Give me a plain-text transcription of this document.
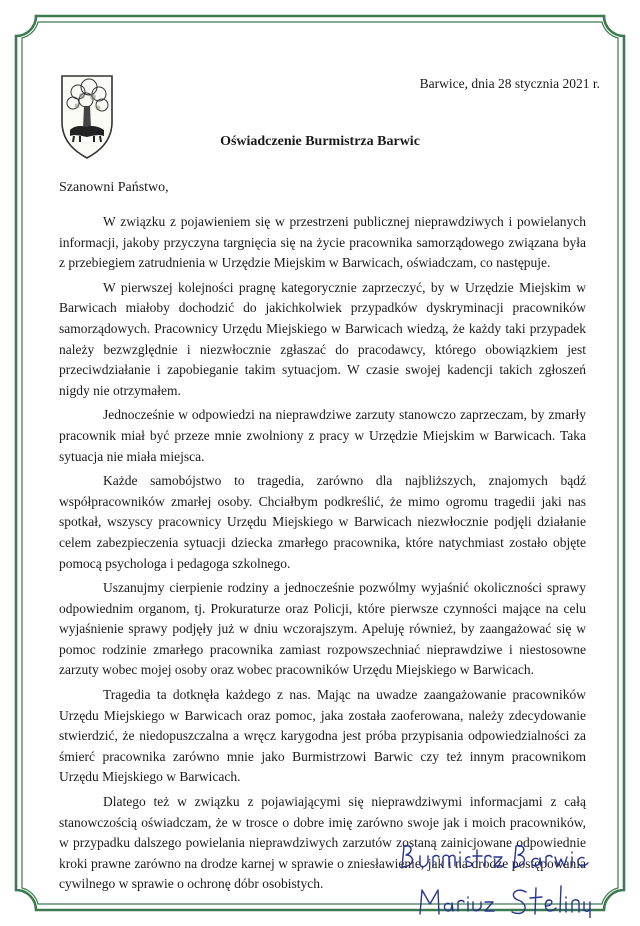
Barwice, dnia 28 stycznia 2021 r.
Oświadczenie Burmistrza Barwic
Szanowni Państwo,

W związku z pojawieniem się w przestrzeni publicznej nieprawdziwych i powielanych informacji, jakoby przyczyna targnięcia się na życie pracownika samorządowego związana była z przebiegiem zatrudnienia w Urzędzie Miejskim w Barwicach, oświadczam, co następuje.

W pierwszej kolejności pragnę kategorycznie zaprzeczyć, by w Urzędzie Miejskim w Barwicach miałoby dochodzić do jakichkolwiek przypadków dyskryminacji pracowników samorządowych. Pracownicy Urzędu Miejskiego w Barwicach wiedzą, że każdy taki przypadek należy bezwzględnie i niezwłocznie zgłaszać do pracodawcy, którego obowiązkiem jest przeciwdziałanie i zapobieganie takim sytuacjom. W czasie swojej kadencji takich zgłoszeń nigdy nie otrzymałem.

Jednocześnie w odpowiedzi na nieprawdziwe zarzuty stanowczo zaprzeczam, by zmarły pracownik miał być przeze mnie zwolniony z pracy w Urzędzie Miejskim w Barwicach. Taka sytuacja nie miała miejsca.

Każde samobójstwo to tragedia, zarówno dla najbliższych, znajomych bądź współpracowników zmarłej osoby. Chciałbym podkreślić, że mimo ogromu tragedii jaki nas spotkał, wszyscy pracownicy Urzędu Miejskiego w Barwicach niezwłocznie podjęli działanie celem zabezpieczenia sytuacji dziecka zmarłego pracownika, które natychmiast zostało objęte pomocą psychologa i pedagoga szkolnego.

Uszanujmy cierpienie rodziny a jednocześnie pozwólmy wyjaśnić okoliczności sprawy odpowiednim organom, tj. Prokuraturze oraz Policji, które pierwsze czynności mające na celu wyjaśnienie sprawy podjęły już w dniu wczorajszym. Apeluję również, by zaangażować się w pomoc rodzinie zmarłego pracownika zamiast rozpowszechniać nieprawdziwe i niestosowne zarzuty wobec mojej osoby oraz wobec pracowników Urzędu Miejskiego w Barwicach.

Tragedia ta dotknęła każdego z nas. Mając na uwadze zaangażowanie pracowników Urzędu Miejskiego w Barwicach oraz pomoc, jaka została zaoferowana, należy zdecydowanie stwierdzić, że niedopuszczalna a wręcz karygodna jest próba przypisania odpowiedzialności za śmierć pracownika zarówno mnie jako Burmistrzowi Barwic czy też innym pracownikom Urzędu Miejskiego w Barwicach.

Dlatego też w związku z pojawiającymi się nieprawdziwymi informacjami z całą stanowczością oświadczam, że w trosce o dobre imię zarówno swoje jak i moich pracowników, w przypadku dalszego powielania nieprawdziwych zarzutów zostaną zainicjowane odpowiednie kroki prawne zarówno na drodze karnej w sprawie o zniesławienie, jak i na drodze postępowania cywilnego w sprawie o ochronę dóbr osobistych.
